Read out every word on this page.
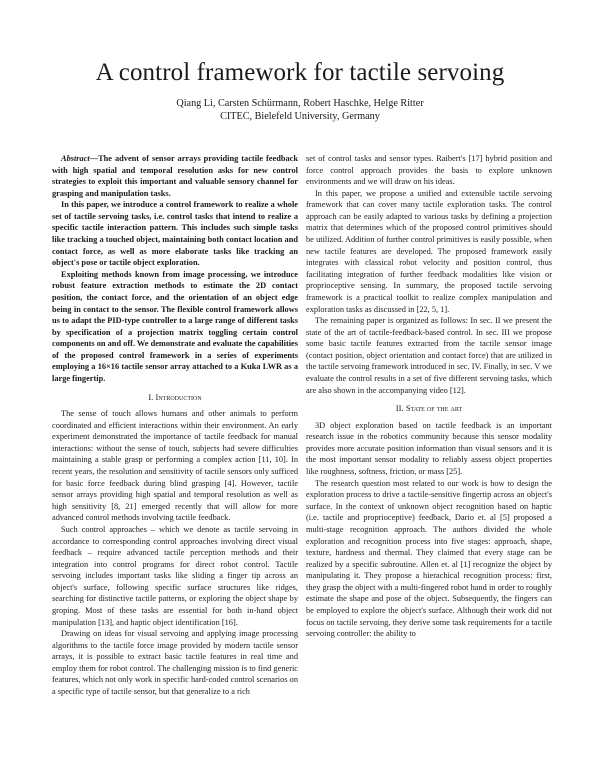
A control framework for tactile servoing
Qiang Li, Carsten Schürmann, Robert Haschke, Helge Ritter
CITEC, Bielefeld University, Germany

Abstract—The advent of sensor arrays providing tactile feedback with high spatial and temporal resolution asks for new control strategies to exploit this important and valuable sensory channel for grasping and manipulation tasks.

In this paper, we introduce a control framework to realize a whole set of tactile servoing tasks, i.e. control tasks that intend to realize a specific tactile interaction pattern. This includes such simple tasks like tracking a touched object, maintaining both contact location and contact force, as well as more elaborate tasks like tracking an object's pose or tactile object exploration.

Exploiting methods known from image processing, we introduce robust feature extraction methods to estimate the 2D contact position, the contact force, and the orientation of an object edge being in contact to the sensor. The flexible control framework allows us to adapt the PID-type controller to a large range of different tasks by specification of a projection matrix toggling certain control components on and off. We demonstrate and evaluate the capabilities of the proposed control framework in a series of experiments employing a 16×16 tactile sensor array attached to a Kuka LWR as a large fingertip.

I. Introduction

The sense of touch allows humans and other animals to perform coordinated and efficient interactions within their environment. An early experiment demonstrated the importance of tactile feedback for manual interactions: without the sense of touch, subjects had severe difficulties maintaining a stable grasp or performing a complex action [11, 10]. In recent years, the resolution and sensitivity of tactile sensors only sufficed for basic force feedback during blind grasping [4]. However, tactile sensor arrays providing high spatial and temporal resolution as well as high sensitivity [8, 21] emerged recently that will allow for more advanced control methods involving tactile feedback.

Such control approaches – which we denote as tactile servoing in accordance to corresponding control approaches involving direct visual feedback – require advanced tactile perception methods and their integration into control programs for direct robot control. Tactile servoing includes important tasks like sliding a finger tip across an object's surface, following specific surface structures like ridges, searching for distinctive tactile patterns, or exploring the object shape by groping. Most of these tasks are essential for both in-hand object manipulation [13], and haptic object identification [16].

Drawing on ideas for visual servoing and applying image processing algorithms to the tactile force image provided by modern tactile sensor arrays, it is possible to extract basic tactile features in real time and employ them for robot control. The challenging mission is to find generic features, which not only work in specific hard-coded control scenarios on a specific type of tactile sensor, but that generalize to a rich

set of control tasks and sensor types. Raibert's [17] hybrid position and force control approach provides the basis to explore unknown environments and we will draw on his ideas.

In this paper, we propose a unified and extensible tactile servoing framework that can cover many tactile exploration tasks. The control approach can be easily adapted to various tasks by defining a projection matrix that determines which of the proposed control primitives should be utilized. Addition of further control primitives is easily possible, when new tactile features are developed. The proposed framework easily integrates with classical robot velocity and position control, thus facilitating integration of further feedback modalities like vision or proprioceptive sensing. In summary, the proposed tactile servoing framework is a practical toolkit to realize complex manipulation and exploration tasks as discussed in [22, 5, 1].

The remaining paper is organized as follows: In sec. II we present the state of the art of tactile-feedback-based control. In sec. III we propose some basic tactile features extracted from the tactile sensor image (contact position, object orientation and contact force) that are utilized in the tactile servoing framework introduced in sec. IV. Finally, in sec. V we evaluate the control results in a set of five different servoing tasks, which are also shown in the accompanying video [12].

II. State of the art

3D object exploration based on tactile feedback is an important research issue in the robotics community because this sensor modality provides more accurate position information than visual sensors and it is the most important sensor modality to reliably assess object properties like roughness, softness, friction, or mass [25].

The research question most related to our work is how to design the exploration process to drive a tactile-sensitive fingertip across an object's surface. In the context of unknown object recognition based on haptic (i.e. tactile and proprioceptive) feedback, Dario et. al [5] proposed a multi-stage recognition approach. The authors divided the whole exploration and recognition process into five stages: approach, shape, texture, hardness and thermal. They claimed that every stage can be realized by a specific subroutine. Allen et. al [1] recognize the object by manipulating it. They propose a hierachical recognition process: first, they grasp the object with a multi-fingered robot hand in order to roughly estimate the shape and pose of the object. Subsequently, the fingers can be employed to explore the object's surface. Although their work did not focus on tactile servoing, they derive some task requirements for a tactile servoing controller: the ability to
